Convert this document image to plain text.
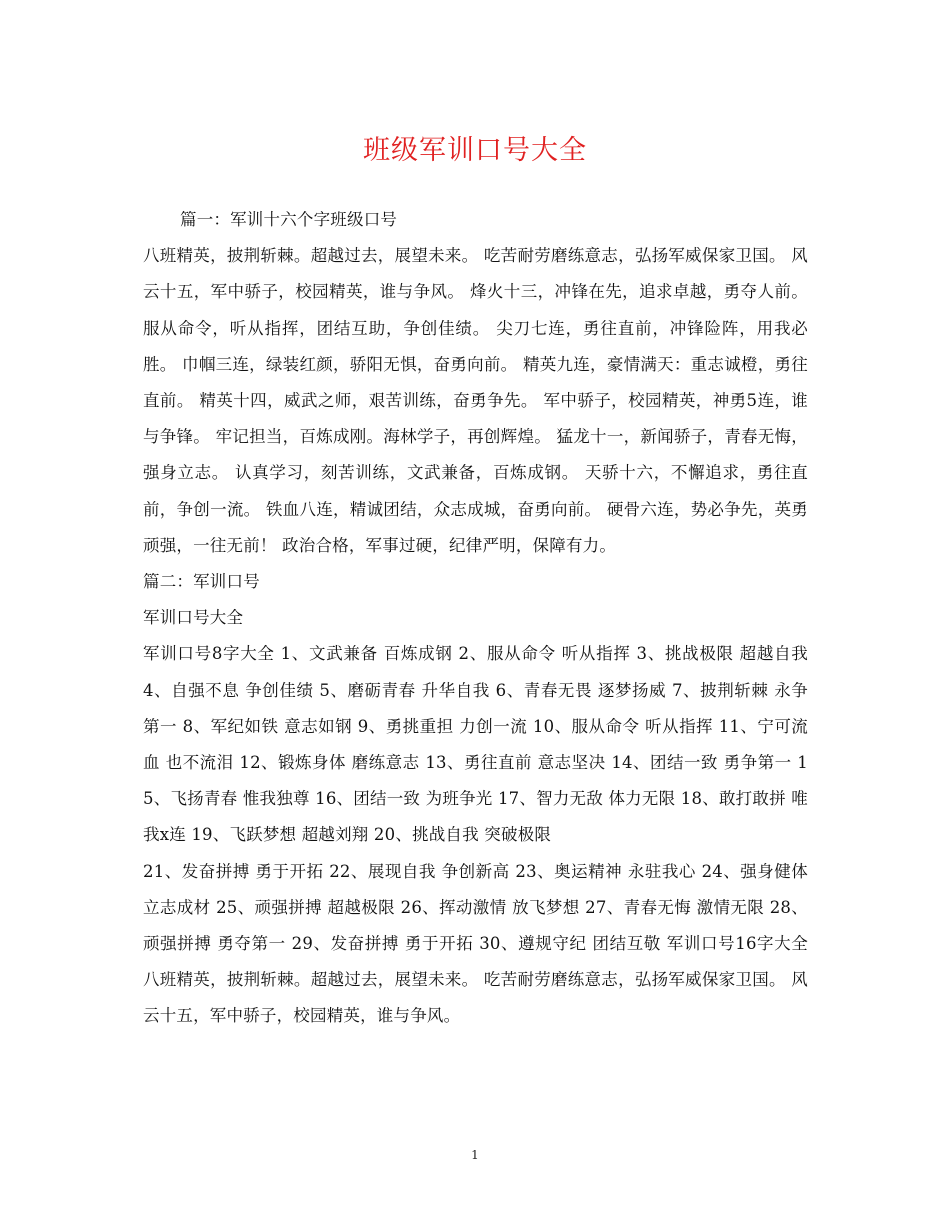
班级军训口号大全

篇一：军训十六个字班级口号

八班精英，披荆斩棘。超越过去，展望未来。 吃苦耐劳磨练意志，弘扬军威保家卫国。 风云十五，军中骄子，校园精英，谁与争风。 烽火十三，冲锋在先，追求卓越，勇夺人前。 服从命令，听从指挥，团结互助，争创佳绩。 尖刀七连，勇往直前，冲锋险阵，用我必胜。 巾帼三连，绿装红颜，骄阳无惧，奋勇向前。 精英九连，豪情满天：重志诚橙，勇往直前。 精英十四，威武之师，艰苦训练，奋勇争先。 军中骄子，校园精英，神勇5连，谁与争锋。 牢记担当，百炼成刚。海林学子，再创辉煌。 猛龙十一，新闻骄子，青春无悔，强身立志。 认真学习，刻苦训练，文武兼备，百炼成钢。 天骄十六，不懈追求，勇往直前，争创一流。 铁血八连，精诚团结，众志成城，奋勇向前。 硬骨六连，势必争先，英勇顽强，一往无前！ 政治合格，军事过硬，纪律严明，保障有力。

篇二：军训口号

军训口号大全

军训口号8字大全 1、文武兼备 百炼成钢 2、服从命令 听从指挥 3、挑战极限 超越自我 4、自强不息 争创佳绩 5、磨砺青春 升华自我 6、青春无畏 逐梦扬威 7、披荆斩棘 永争第一 8、军纪如铁 意志如钢 9、勇挑重担 力创一流 10、服从命令 听从指挥 11、宁可流血 也不流泪 12、锻炼身体 磨练意志 13、勇往直前 意志坚决 14、团结一致 勇争第一 15、飞扬青春 惟我独尊 16、团结一致 为班争光 17、智力无敌 体力无限 18、敢打敢拼 唯我x连 19、飞跃梦想 超越刘翔 20、挑战自我 突破极限

21、发奋拼搏 勇于开拓 22、展现自我 争创新高 23、奥运精神 永驻我心 24、强身健体 立志成材 25、顽强拼搏 超越极限 26、挥动激情 放飞梦想 27、青春无悔 激情无限 28、顽强拼搏 勇夺第一 29、发奋拼搏 勇于开拓 30、遵规守纪 团结互敬 军训口号16字大全 八班精英，披荆斩棘。超越过去，展望未来。 吃苦耐劳磨练意志，弘扬军威保家卫国。 风云十五，军中骄子，校园精英，谁与争风。

1
